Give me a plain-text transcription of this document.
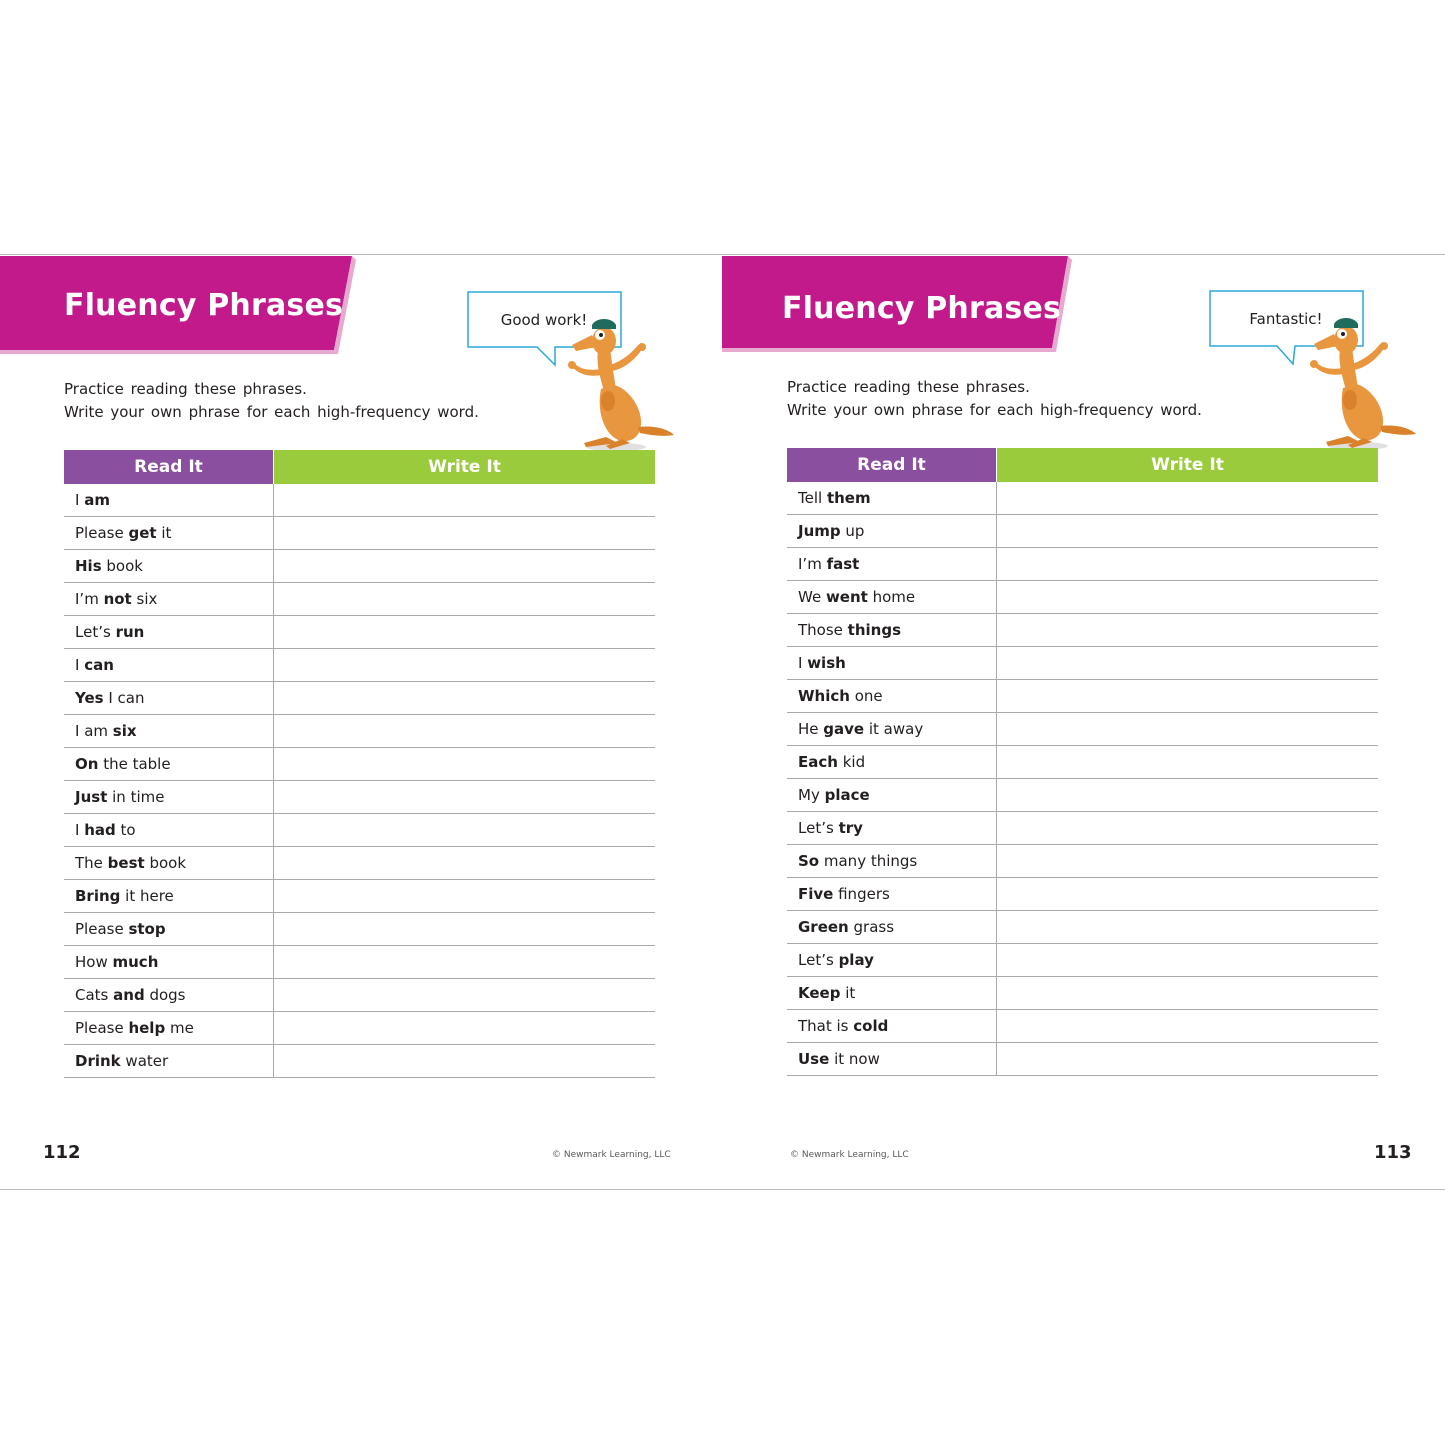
Fluency Phrases	Good work!
Practice reading these phrases.
Write your own phrase for each high-frequency word.
Read It	Write It
I am	
Please get it	
His book	
I’m not six	
Let’s run	
I can	
Yes I can	
I am six	
On the table	
Just in time	
I had to	
The best book	
Bring it here	
Please stop	
How much	
Cats and dogs	
Please help me	
Drink water	
112	© Newmark Learning, LLC
Fluency Phrases	Fantastic!
Practice reading these phrases.
Write your own phrase for each high-frequency word.
Read It	Write It
Tell them	
Jump up	
I’m fast	
We went home	
Those things	
I wish	
Which one	
He gave it away	
Each kid	
My place	
Let’s try	
So many things	
Five fingers	
Green grass	
Let’s play	
Keep it	
That is cold	
Use it now	
113
© Newmark Learning, LLC
